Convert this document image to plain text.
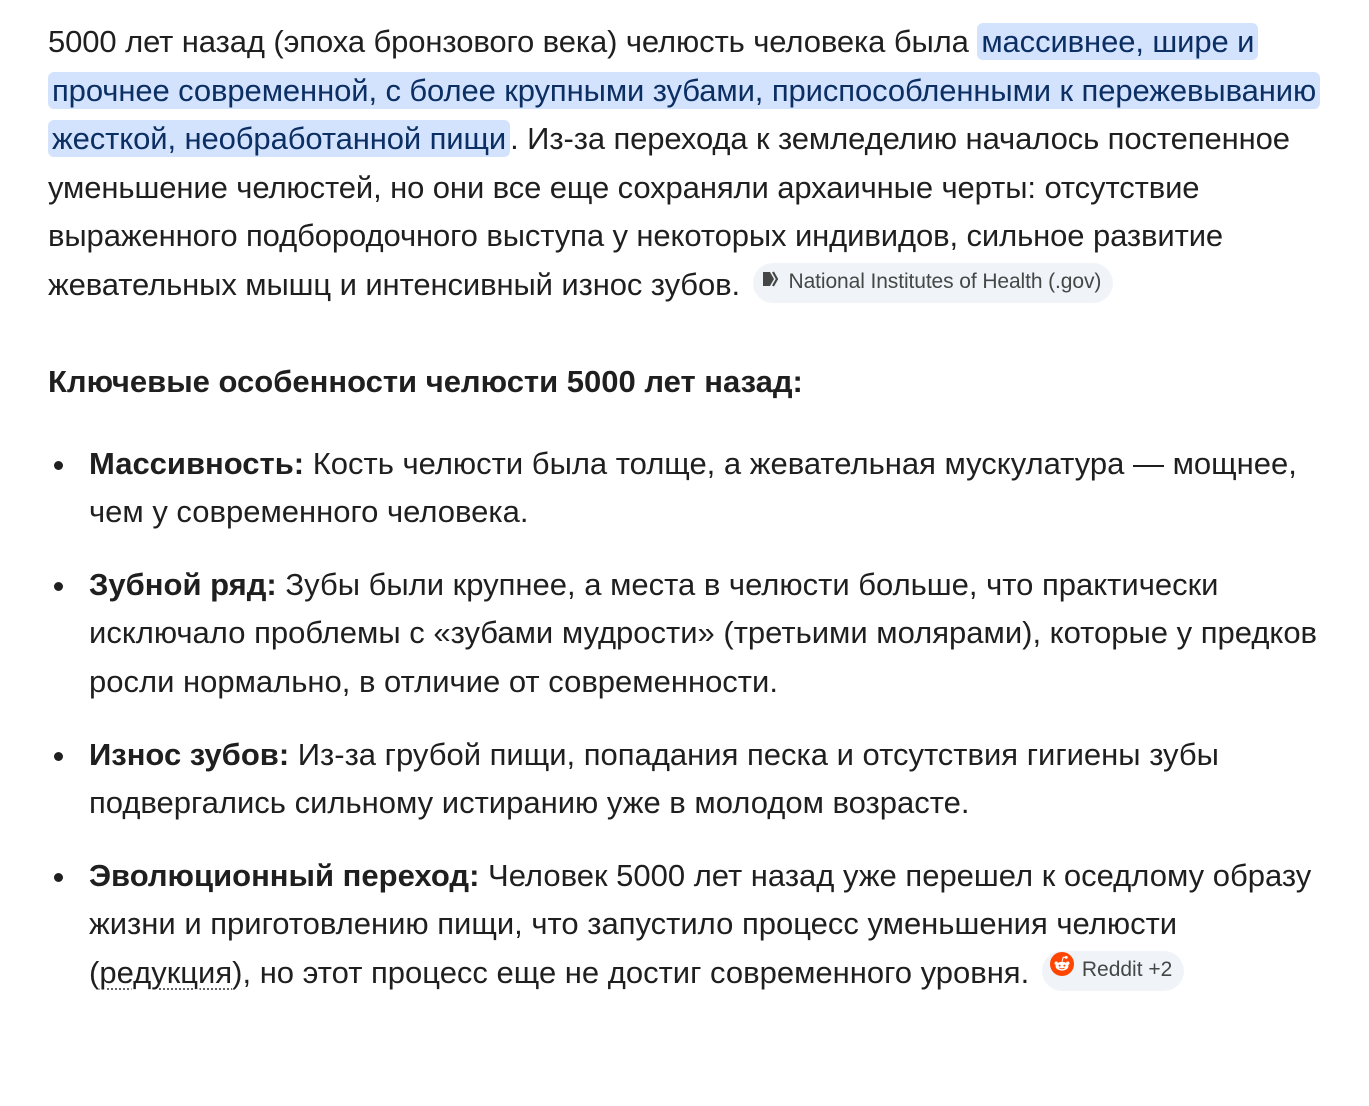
5000 лет назад (эпоха бронзового века) челюсть человека была массивнее, шире и прочнее современной, с более крупными зубами, приспособленными к пережевыванию жесткой, необработанной пищи . Из-за перехода к земледелию началось постепенное уменьшение челюстей, но они все еще сохраняли архаичные черты: отсутствие выраженного подбородочного выступа у некоторых индивидов, сильное развитие жевательных мышц и интенсивный износ зубов. National Institutes of Health (.gov)

Ключевые особенности челюсти 5000 лет назад:
Массивность: Кость челюсти была толще, а жевательная мускулатура — мощнее, чем у современного человека.
Зубной ряд: Зубы были крупнее, а места в челюсти больше, что практически исключало проблемы с «зубами мудрости» (третьими молярами), которые у предков росли нормально, в отличие от современности.
Износ зубов: Из-за грубой пищи, попадания песка и отсутствия гигиены зубы подвергались сильному истиранию уже в молодом возрасте.
Эволюционный переход: Человек 5000 лет назад уже перешел к оседлому образу жизни и приготовлению пищи, что запустило процесс уменьшения челюсти (редукция), но этот процесс еще не достиг современного уровня.	Reddit +2
